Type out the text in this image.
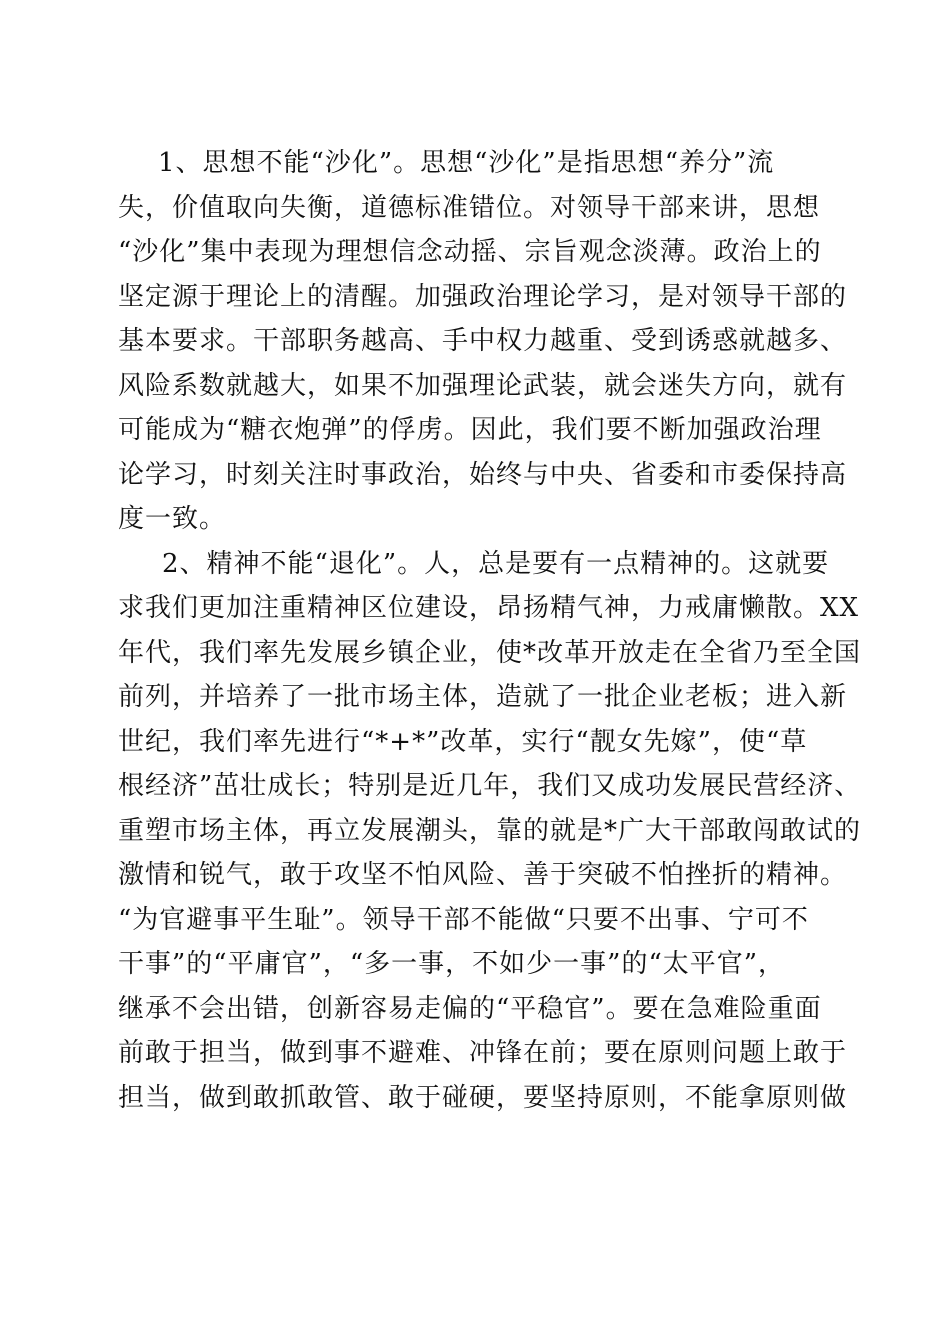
1、思想不能“沙化”。思想“沙化”是指思想“养分”流
失，价值取向失衡，道德标准错位。对领导干部来讲，思想
“沙化”集中表现为理想信念动摇、宗旨观念淡薄。政治上的
坚定源于理论上的清醒。加强政治理论学习，是对领导干部的
基本要求。干部职务越高、手中权力越重、受到诱惑就越多、
风险系数就越大，如果不加强理论武装，就会迷失方向，就有
可能成为“糖衣炮弹”的俘虏。因此，我们要不断加强政治理
论学习，时刻关注时事政治，始终与中央、省委和市委保持高
度一致。
2、精神不能“退化”。人，总是要有一点精神的。这就要
求我们更加注重精神区位建设，昂扬精气神，力戒庸懒散。XX
年代，我们率先发展乡镇企业，使*改革开放走在全省乃至全国
前列，并培养了一批市场主体，造就了一批企业老板；进入新
世纪，我们率先进行“*+*”改革，实行“靓女先嫁”，使“草
根经济”茁壮成长；特别是近几年，我们又成功发展民营经济、
重塑市场主体，再立发展潮头，靠的就是*广大干部敢闯敢试的
激情和锐气，敢于攻坚不怕风险、善于突破不怕挫折的精神。
“为官避事平生耻”。领导干部不能做“只要不出事、宁可不
干事”的“平庸官”，“多一事，不如少一事”的“太平官”，
继承不会出错，创新容易走偏的“平稳官”。要在急难险重面
前敢于担当，做到事不避难、冲锋在前；要在原则问题上敢于
担当，做到敢抓敢管、敢于碰硬，要坚持原则，不能拿原则做
